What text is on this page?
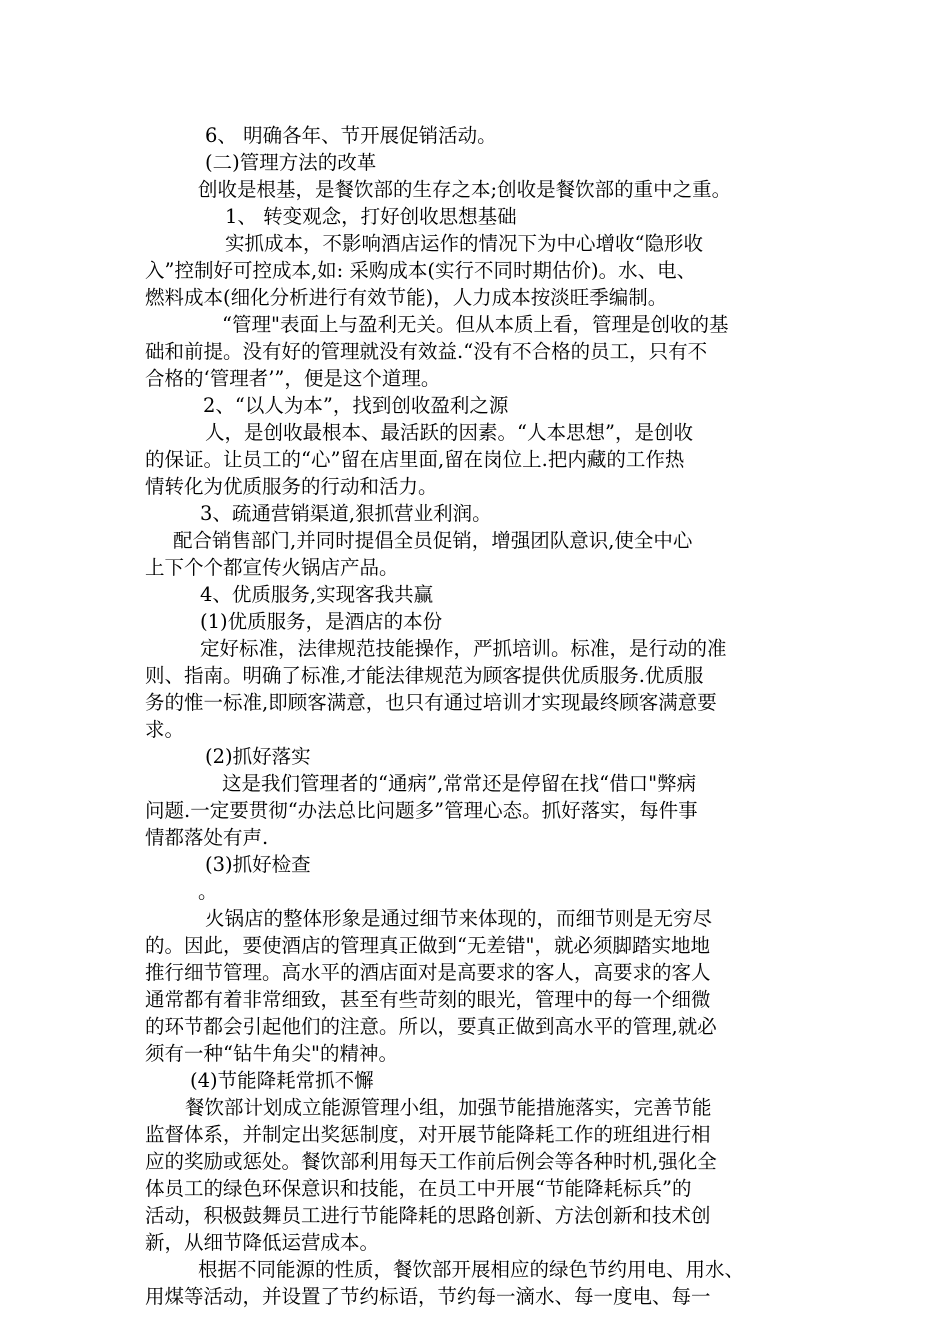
6、 明确各年、节开展促销活动。
(二)管理方法的改革
创收是根基，是餐饮部的生存之本;创收是餐饮部的重中之重。
1、 转变观念，打好创收思想基础
实抓成本，不影响酒店运作的情况下为中心增收“隐形收
入”控制好可控成本,如: 采购成本(实行不同时期估价)。水、电、
燃料成本(细化分析进行有效节能)，人力成本按淡旺季编制。
“管理"表面上与盈利无关。但从本质上看，管理是创收的基
础和前提。没有好的管理就没有效益.“没有不合格的员工，只有不
合格的‘管理者’”，便是这个道理。
2、“以人为本”，找到创收盈利之源
人，是创收最根本、最活跃的因素。“人本思想”，是创收
的保证。让员工的“心”留在店里面,留在岗位上.把内藏的工作热
情转化为优质服务的行动和活力。
3、疏通营销渠道,狠抓营业利润。
配合销售部门,并同时提倡全员促销，增强团队意识,使全中心
上下个个都宣传火锅店产品。
4、优质服务,实现客我共赢
(1)优质服务，是酒店的本份
定好标准，法律规范技能操作，严抓培训。标准，是行动的准
则、指南。明确了标准,才能法律规范为顾客提供优质服务.优质服
务的惟一标准,即顾客满意，也只有通过培训才实现最终顾客满意要
求。
(2)抓好落实
这是我们管理者的“通病”,常常还是停留在找“借口"弊病
问题.一定要贯彻“办法总比问题多”管理心态。抓好落实，每件事
情都落处有声.
(3)抓好检查
。
火锅店的整体形象是通过细节来体现的，而细节则是无穷尽
的。因此，要使酒店的管理真正做到“无差错"，就必须脚踏实地地
推行细节管理。高水平的酒店面对是高要求的客人，高要求的客人
通常都有着非常细致，甚至有些苛刻的眼光，管理中的每一个细微
的环节都会引起他们的注意。所以，要真正做到高水平的管理,就必
须有一种“钻牛角尖"的精神。
(4)节能降耗常抓不懈
餐饮部计划成立能源管理小组，加强节能措施落实，完善节能
监督体系，并制定出奖惩制度，对开展节能降耗工作的班组进行相
应的奖励或惩处。餐饮部利用每天工作前后例会等各种时机,强化全
体员工的绿色环保意识和技能，在员工中开展“节能降耗标兵”的
活动，积极鼓舞员工进行节能降耗的思路创新、方法创新和技术创
新，从细节降低运营成本。
根据不同能源的性质，餐饮部开展相应的绿色节约用电、用水、
用煤等活动，并设置了节约标语，节约每一滴水、每一度电、每一
